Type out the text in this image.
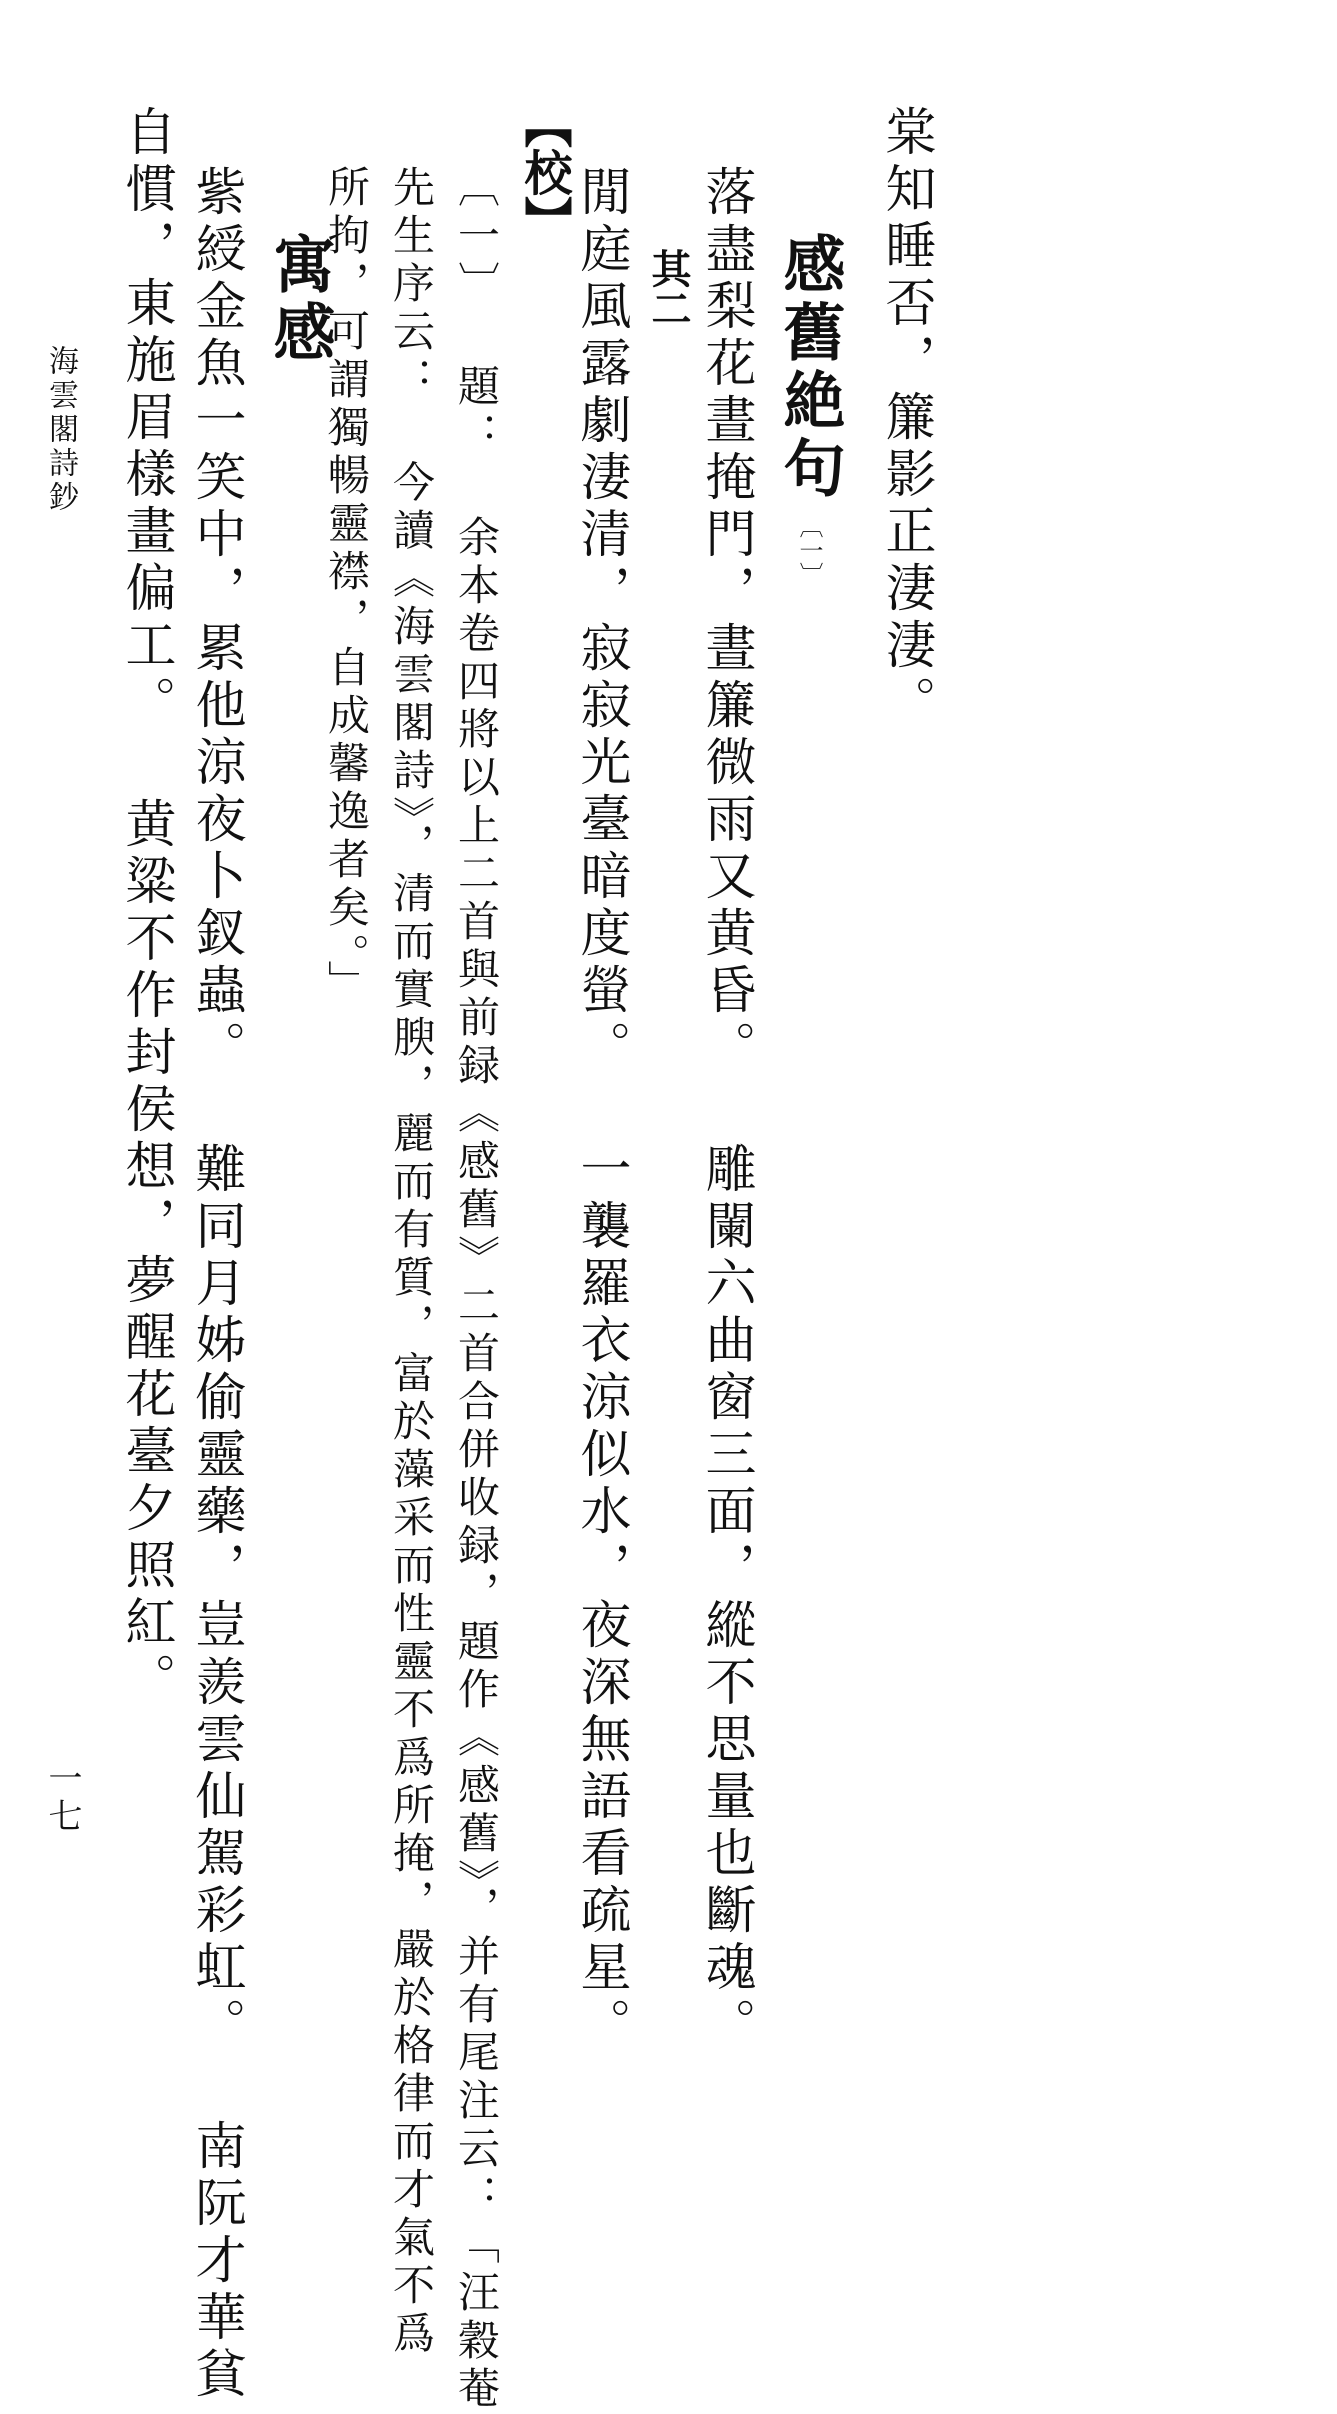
棠知睡否，簾影正淒淒。
感舊絶句〔一〕
落盡梨花晝掩門，晝簾微雨又黄昏。 雕闌六曲窗三面，縱不思量也斷魂。
其二
閒庭風露劇淒清，寂寂光臺暗度螢。 一襲羅衣涼似水，夜深無語看疏星。
【校】
〔一〕 題： 余本卷四將以上二首與前録《感舊》二首合併收録，題作《感舊》，并有尾注云：「汪穀菴
先生序云： 今讀《海雲閣詩》，清而實腴，麗而有質，富於藻采而性靈不爲所掩，嚴於格律而才氣不爲
所拘，可謂獨暢靈襟，自成馨逸者矣。」
寓感
紫綬金魚一笑中，累他涼夜卜釵蟲。 難同月姊偷靈藥，豈羨雲仙駕彩虹。 南阮才華貧
自慣，東施眉樣畫偏工。 黄粱不作封侯想，夢醒花臺夕照紅。
海雲閣詩鈔
一七
